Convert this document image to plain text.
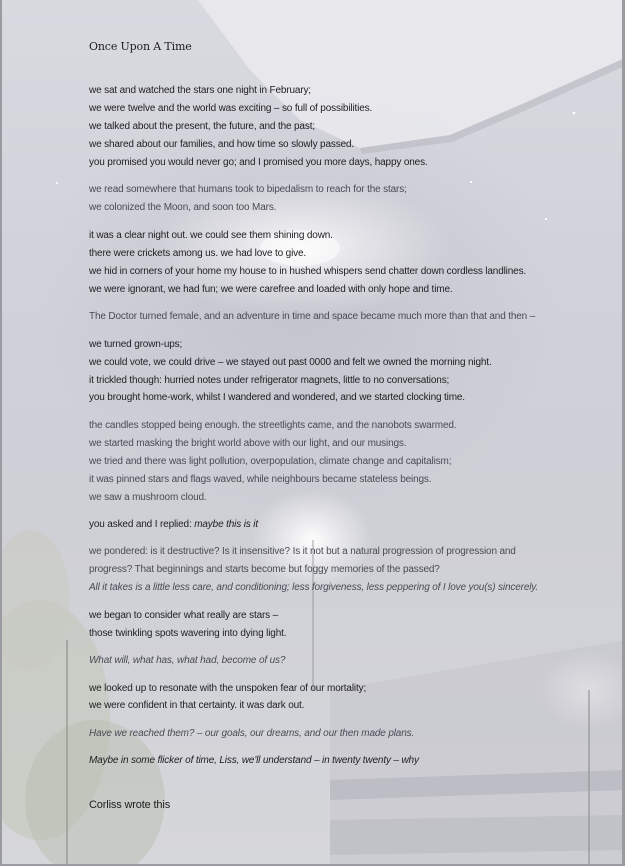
Once Upon A Time
we sat and watched the stars one night in February;
we were twelve and the world was exciting – so full of possibilities.
we talked about the present, the future, and the past;
we shared about our families, and how time so slowly passed.
you promised you would never go; and I promised you more days, happy ones.
we read somewhere that humans took to bipedalism to reach for the stars;
we colonized the Moon, and soon too Mars.
it was a clear night out. we could see them shining down.
there were crickets among us. we had love to give.
we hid in corners of your home my house to in hushed whispers send chatter down cordless landlines.
we were ignorant, we had fun; we were carefree and loaded with only hope and time.
The Doctor turned female, and an adventure in time and space became much more than that and then –
we turned grown-ups;
we could vote, we could drive – we stayed out past 0000 and felt we owned the morning night.
it trickled though: hurried notes under refrigerator magnets, little to no conversations;
you brought home-work, whilst I wandered and wondered, and we started clocking time.
the candles stopped being enough. the streetlights came, and the nanobots swarmed.
we started masking the bright world above with our light, and our musings.
we tried and there was light pollution, overpopulation, climate change and capitalism;
it was pinned stars and flags waved, while neighbours became stateless beings.
we saw a mushroom cloud.
you asked and I replied: maybe this is it
we pondered: is it destructive? Is it insensitive? Is it not but a natural progression of progression and
progress? That beginnings and starts become but foggy memories of the passed?
All it takes is a little less care, and conditioning; less forgiveness, less peppering of I love you(s) sincerely.
we began to consider what really are stars –
those twinkling spots wavering into dying light.
What will, what has, what had, become of us?
we looked up to resonate with the unspoken fear of our mortality;
we were confident in that certainty. it was dark out.
Have we reached them? – our goals, our dreams, and our then made plans.
Maybe in some flicker of time, Liss, we'll understand – in twenty twenty – why
Corliss wrote this
